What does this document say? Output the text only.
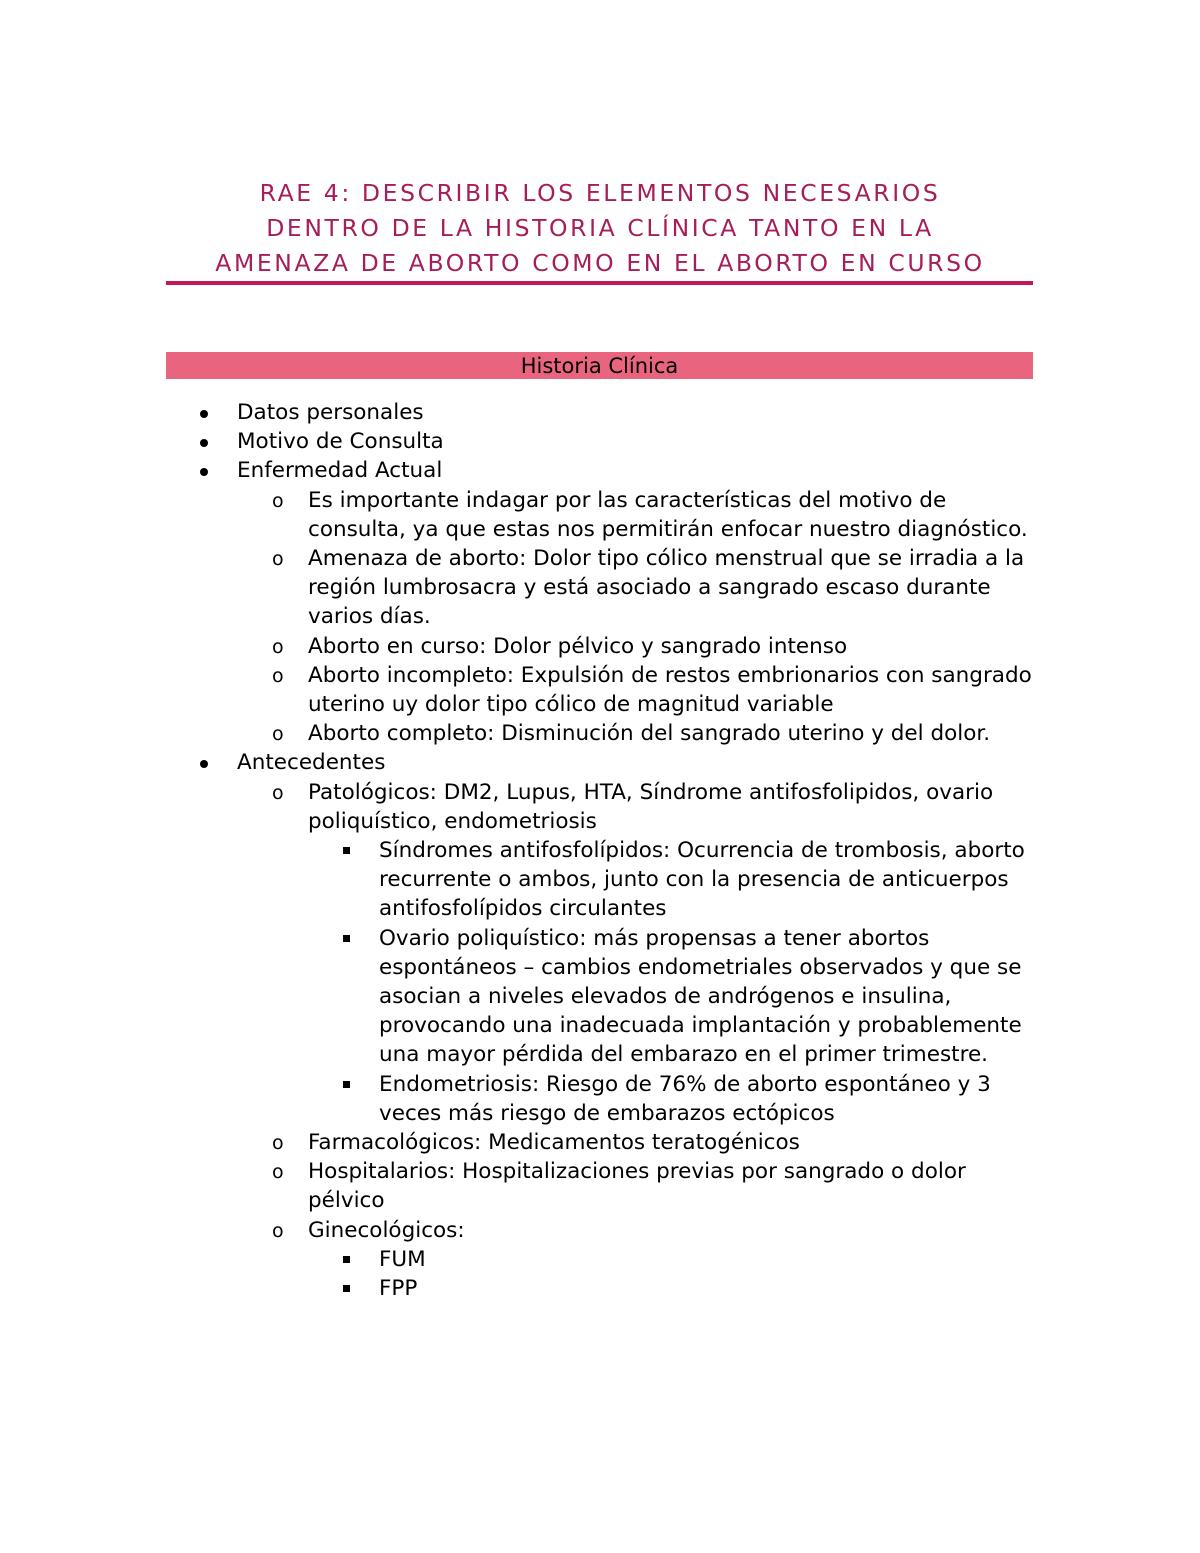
RAE 4: DESCRIBIR LOS ELEMENTOS NECESARIOS
DENTRO DE LA HISTORIA CLÍNICA TANTO EN LA
AMENAZA DE ABORTO COMO EN EL ABORTO EN CURSO
Historia Clínica
Datos personales
Motivo de Consulta
Enfermedad Actual
o Es importante indagar por las características del motivo de consulta, ya que estas nos permitirán enfocar nuestro diagnóstico.
o Amenaza de aborto: Dolor tipo cólico menstrual que se irradia a la región lumbrosacra y está asociado a sangrado escaso durante varios días.
o Aborto en curso: Dolor pélvico y sangrado intenso
o Aborto incompleto: Expulsión de restos embrionarios con sangrado uterino uy dolor tipo cólico de magnitud variable
o Aborto completo: Disminución del sangrado uterino y del dolor.
Antecedentes
o Patológicos: DM2, Lupus, HTA, Síndrome antifosfolipidos, ovario poliquístico, endometriosis
Síndromes antifosfolípidos: Ocurrencia de trombosis, aborto recurrente o ambos, junto con la presencia de anticuerpos antifosfolípidos circulantes
Ovario poliquístico: más propensas a tener abortos espontáneos – cambios endometriales observados y que se asocian a niveles elevados de andrógenos e insulina, provocando una inadecuada implantación y probablemente una mayor pérdida del embarazo en el primer trimestre.
Endometriosis: Riesgo de 76% de aborto espontáneo y 3 veces más riesgo de embarazos ectópicos
o Farmacológicos: Medicamentos teratogénicos
o Hospitalarios: Hospitalizaciones previas por sangrado o dolor pélvico
o Ginecológicos:
FUM
FPP
